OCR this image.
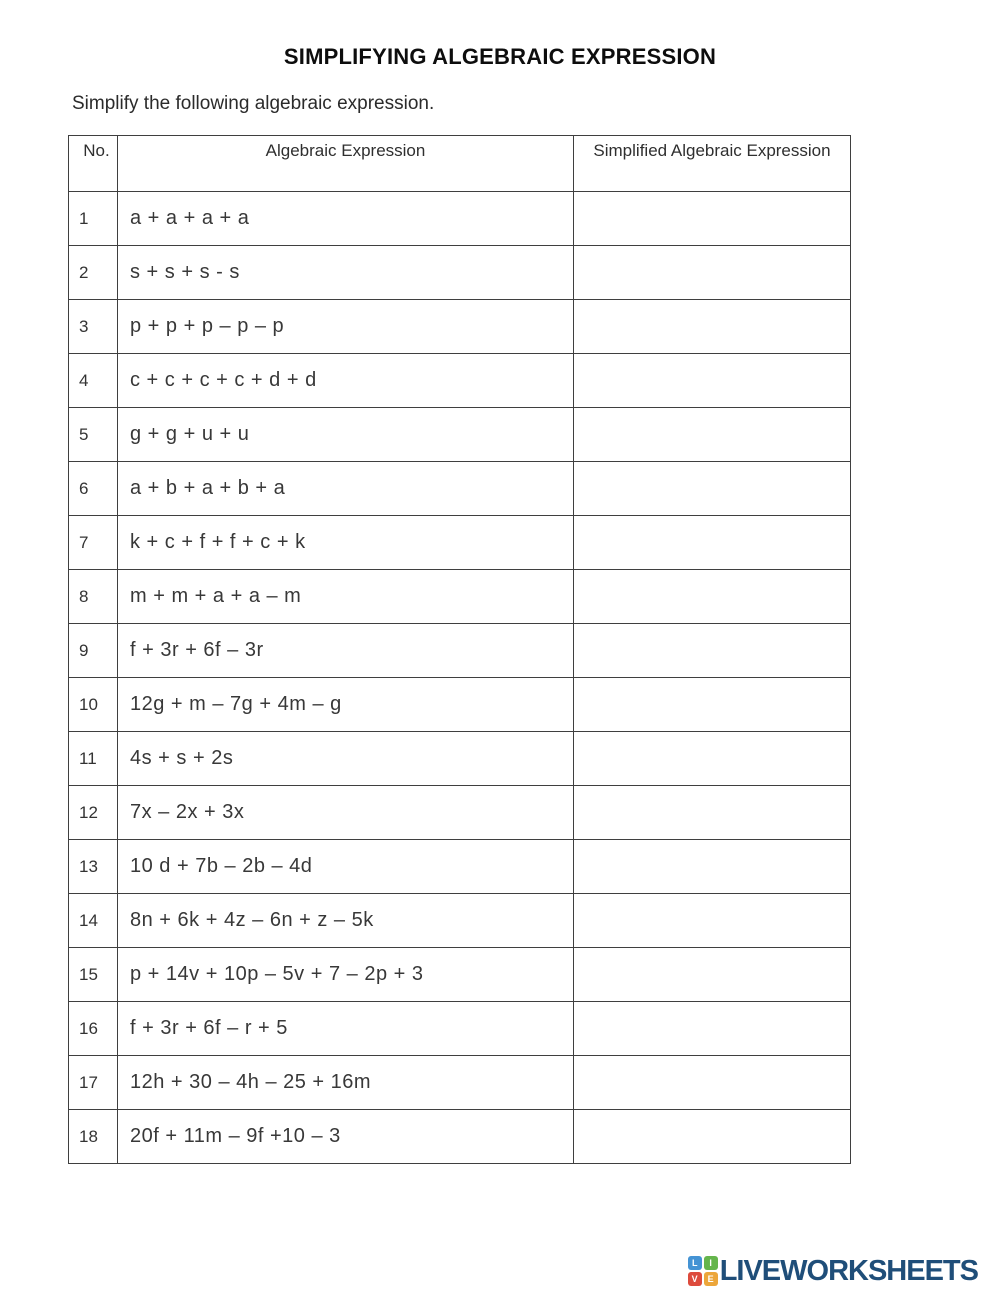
SIMPLIFYING ALGEBRAIC EXPRESSION
Simplify the following algebraic expression.
No.	Algebraic Expression	Simplified Algebraic Expression
1	a + a + a + a	
2	s + s + s - s	
3	p + p + p – p – p	
4	c + c + c + c + d + d	
5	g + g + u + u	
6	a + b + a + b + a	
7	k + c + f + f + c + k	
8	m + m + a + a – m	
9	f + 3r + 6f – 3r	
10	12g + m – 7g + 4m – g	
11	4s + s + 2s	
12	7x – 2x + 3x	
13	10 d + 7b – 2b – 4d	
14	8n + 6k + 4z – 6n + z – 5k	
15	p + 14v + 10p – 5v + 7 – 2p + 3	
16	f + 3r + 6f – r + 5	
17	12h + 30 – 4h – 25 + 16m	
18	20f + 11m – 9f +10 – 3	
L	I
V	E LIVEWORKSHEETS
